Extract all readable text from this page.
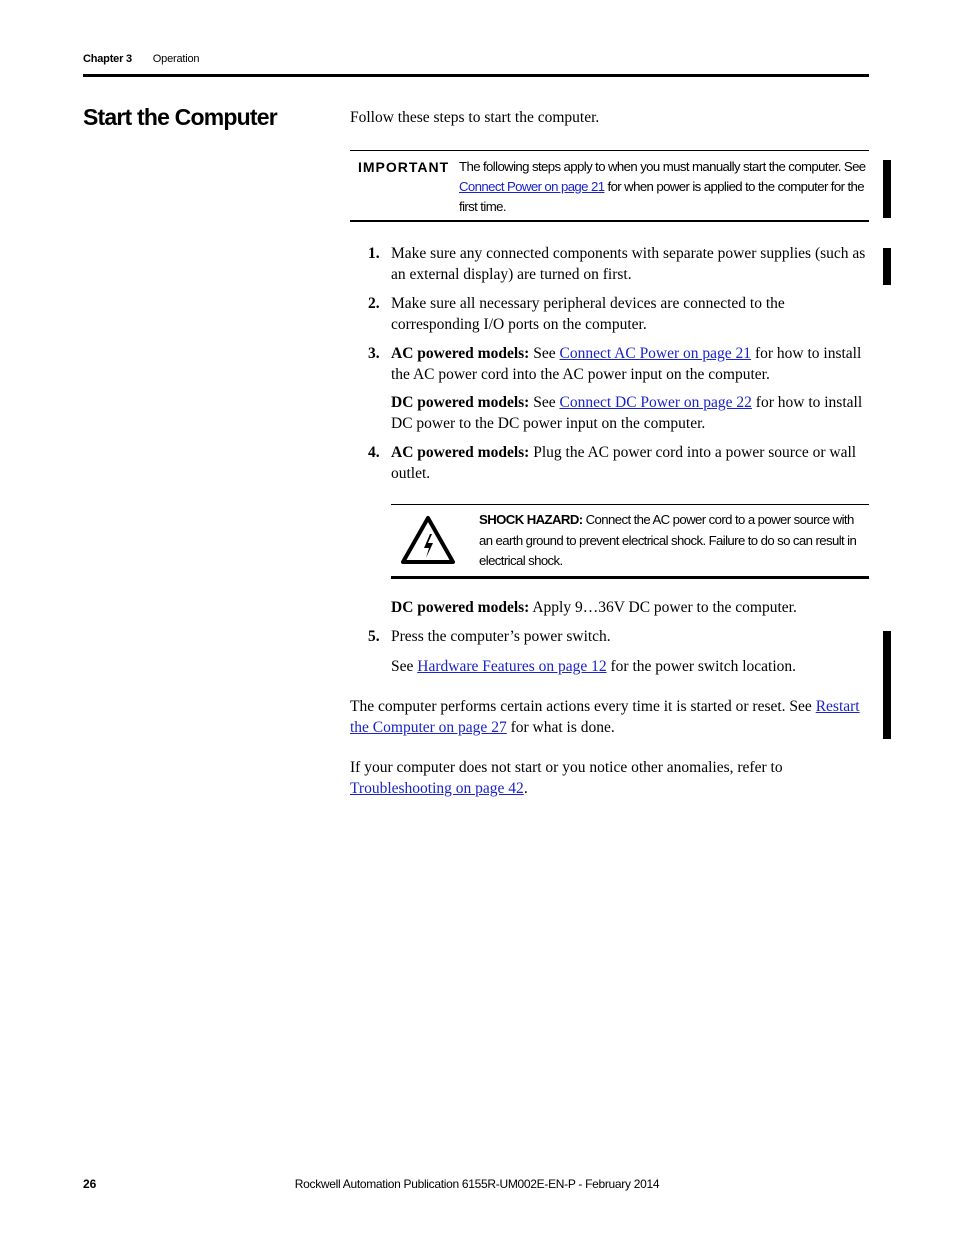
Chapter 3 Operation
Start the Computer	Follow these steps to start the computer.

IMPORTANT The following steps apply to when you must manually start the computer. See Connect Power on page 21 for when power is applied to the computer for the first time.
1. Make sure any connected components with separate power supplies (such as an external display) are turned on first.
2. Make sure all necessary peripheral devices are connected to the corresponding I/O ports on the computer.
3. AC powered models: See Connect AC Power on page 21 for how to install the AC power cord into the AC power input on the computer.
DC powered models: See Connect DC Power on page 22 for how to install DC power to the DC power input on the computer.
4. AC powered models: Plug the AC power cord into a power source or wall outlet.
SHOCK HAZARD: Connect the AC power cord to a power source with an earth ground to prevent electrical shock. Failure to do so can result in electrical shock.
DC powered models: Apply 9…36V DC power to the computer.
5. Press the computer’s power switch.
See Hardware Features on page 12 for the power switch location.
The computer performs certain actions every time it is started or reset. See Restart the Computer on page 27 for what is done.
If your computer does not start or you notice other anomalies, refer to Troubleshooting on page 42.
26	Rockwell Automation Publication 6155R-UM002E-EN-P - February 2014
